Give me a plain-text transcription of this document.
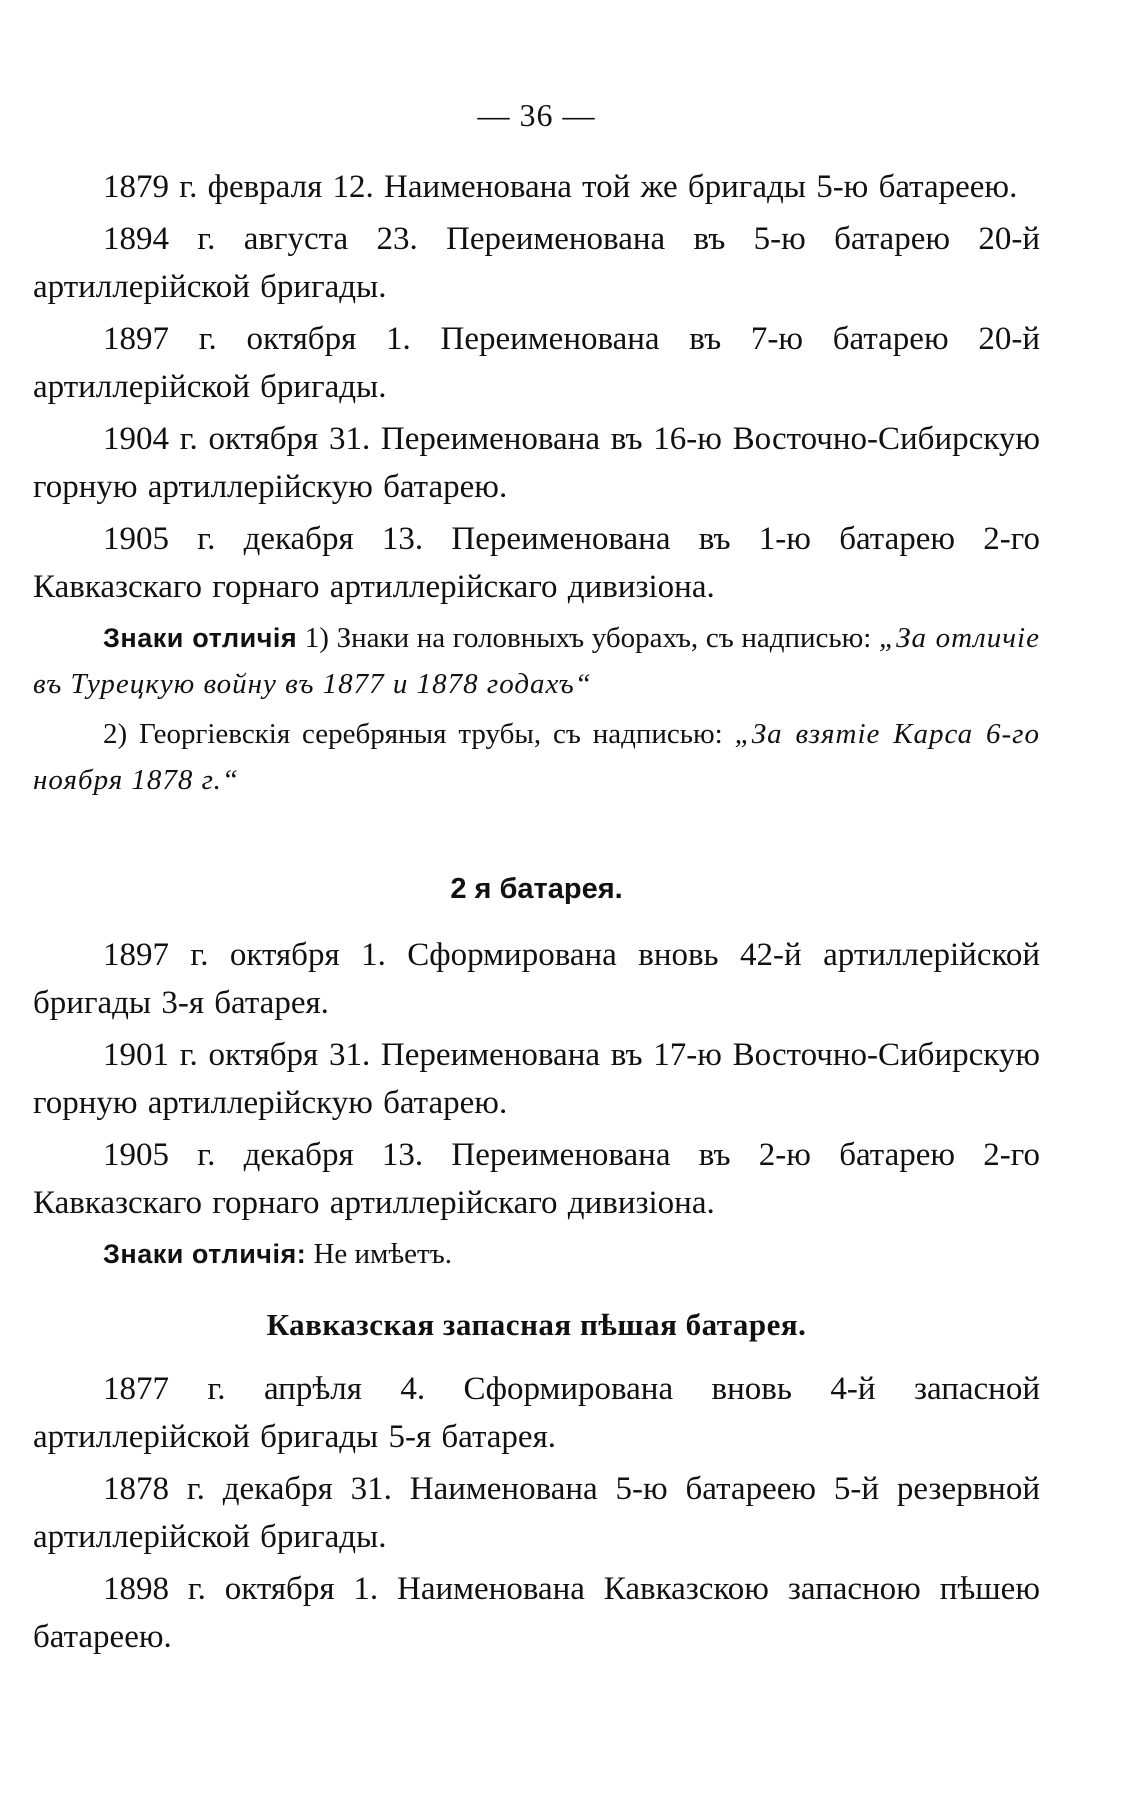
— 36 —

1879 г. февраля 12. Наименована той же бригады 5-ю батареею.

1894 г. августа 23. Переименована въ 5-ю батарею 20-й артиллерійской бригады.

1897 г. октября 1. Переименована въ 7-ю батарею 20-й артиллерійской бригады.

1904 г. октября 31. Переименована въ 16-ю Восточно-Сибирскую горную артиллерійскую батарею.

1905 г. декабря 13. Переименована въ 1-ю батарею 2-го Кавказскаго горнаго артиллерійскаго дивизіона.

Знаки отличія 1) Знаки на головныхъ уборахъ, съ надписью: „За отличіе въ Турецкую войну въ 1877 и 1878 годахъ“

2) Георгіевскія серебряныя трубы, съ надписью: „За взятіе Карса 6-го ноября 1878 г.“

2 я батарея.

1897 г. октября 1. Сформирована вновь 42-й артиллерійской бригады 3-я батарея.

1901 г. октября 31. Переименована въ 17-ю Восточно-Сибирскую горную артиллерійскую батарею.

1905 г. декабря 13. Переименована въ 2-ю батарею 2-го Кавказскаго горнаго артиллерійскаго дивизіона.

Знаки отличія: Не имѣетъ.

Кавказская запасная пѣшая батарея.

1877 г. апрѣля 4. Сформирована вновь 4-й запасной артиллерійской бригады 5-я батарея.

1878 г. декабря 31. Наименована 5-ю батареею 5-й резервной артиллерійской бригады.

1898 г. октября 1. Наименована Кавказскою запасною пѣшею батареею.
